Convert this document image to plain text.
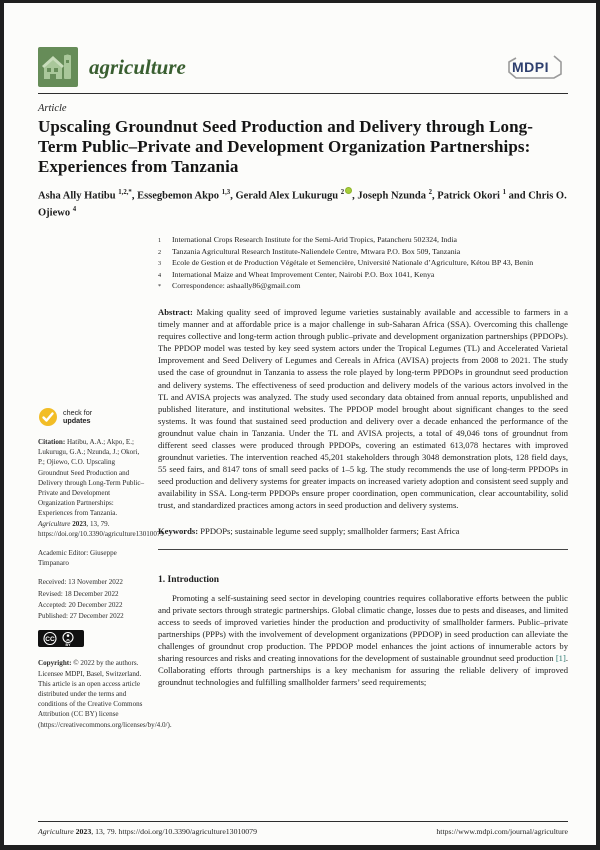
agriculture	MDPI
Article
Upscaling Groundnut Seed Production and Delivery through Long-Term Public–Private and Development Organization Partnerships: Experiences from Tanzania
Asha Ally Hatibu $^{1,2,*}$, Essegbemon Akpo $^{1,3}$, Gerald Alex Lukurugu $^2$ , Joseph Nzunda $^2$, Patrick Okori $^1$ and Chris O. Ojiewo $^4$
check for
updates
Citation: Hatibu, A.A.; Akpo, E.; Lukurugu, G.A.; Nzunda, J.; Okori, P.; Ojiewo, C.O. Upscaling Groundnut Seed Production and Delivery through Long-Term Public–Private and Development Organization Partnerships: Experiences from Tanzania. Agriculture 2023, 13, 79. https://doi.org/10.3390/agriculture13010079
Academic Editor: Giuseppe Timpanaro
Received: 13 November 2022
Revised: 18 December 2022
Accepted: 20 December 2022
Published: 27 December 2022
CC
BY
Copyright: © 2022 by the authors. Licensee MDPI, Basel, Switzerland. This article is an open access article distributed under the terms and conditions of the Creative Commons Attribution (CC BY) license (https://creativecommons.org/licenses/by/4.0/).
1	International Crops Research Institute for the Semi-Arid Tropics, Patancheru 502324, India
2	Tanzania Agricultural Research Institute-Naliendele Centre, Mtwara P.O. Box 509, Tanzania
3	Ecole de Gestion et de Production Végétale et Semencière, Université Nationale d’Agriculture, Kétou BP 43, Benin
4	International Maize and Wheat Improvement Center, Nairobi P.O. Box 1041, Kenya
*	Correspondence: ashaally86@gmail.com

Abstract: Making quality seed of improved legume varieties sustainably available and accessible to farmers in a timely manner and at affordable price is a major challenge in sub-Saharan Africa (SSA). Overcoming this challenge requires collective and long-term action through public–private and development organization partnerships (PPDOPs). The PPDOP model was tested by key seed system actors under the Tropical Legumes (TL) and Accelerated Varietal Improvement and Seed Delivery of Legumes and Cereals in Africa (AVISA) projects from 2008 to 2021. The study used the case of groundnut in Tanzania to assess the role played by long-term PPDOPs in groundnut seed production and delivery systems. The effectiveness of seed production and delivery models of the various actors involved in the TL and AVISA projects was analyzed. The study used secondary data obtained from annual reports, unpublished and published literature, and institutional websites. The PPDOP model brought about significant changes to the seed systems. It was found that sustained seed production and delivery over a decade enhanced the performance of the groundnut value chain in Tanzania. Under the TL and AVISA projects, a total of 49,046 tons of groundnut from different seed classes were produced through PPDOPs, covering an estimated 613,078 hectares with improved groundnut varieties. The intervention reached 45,201 stakeholders through 3048 demonstration plots, 128 field days, 55 seed fairs, and 8147 tons of small seed packs of 1–5 kg. The study recommends the use of long-term PPDOPs in seed production and delivery systems for greater impacts on increased variety adoption and consistent seed supply and availability in SSA. Long-term PPDOPs ensure proper coordination, open communication, clear accountability, solid trust, and standardized practices among actors in seed production and delivery systems.

Keywords: PPDOPs; sustainable legume seed supply; smallholder farmers; East Africa

1. Introduction

Promoting a self-sustaining seed sector in developing countries requires collaborative efforts between the public and private sectors through strategic partnerships. Global climatic change, losses due to pests and diseases, and limited access to seeds of improved varieties hinder the production and productivity of smallholder farmers. Public–private partnerships (PPPs) with the involvement of development organizations (PPDOP) in seed production can alleviate the challenges of groundnut crop production. The PPDOP model enhances the joint actions of innumerable actors by sharing resources and risks and creating innovations for the development of sustainable groundnut seed production [1]. Collaborating efforts through partnerships is a key mechanism for assuring the reliable delivery of improved groundnut technologies and fulfilling smallholder farmers’ seed requirements;

Agriculture 2023, 13, 79. https://doi.org/10.3390/agriculture13010079	https://www.mdpi.com/journal/agriculture
